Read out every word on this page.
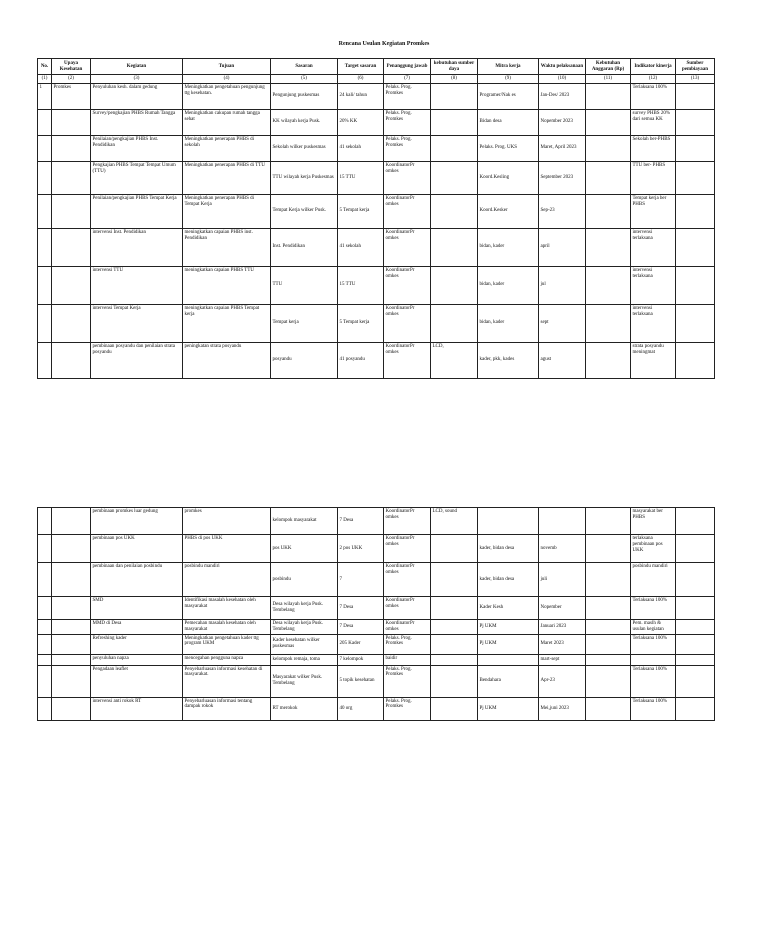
Rencana Usulan Kegiatan Promkes
No.	Upaya Kesehatan	Kegiatan	Tujuan	Sasaran	Target sasaran	Penanggung jawab	kebutuhan sumber daya	Mitra kerja	Waktu pelaksanaan	Kebutuhan Anggaran (Rp)	Indikator kinerja	Sumber pembiayaan
(1)	(2)	(3)	(4)	(5)	(6)	(7)	(8)	(9)	(10)	(11)	(12)	(13)
1	Promkes	Penyuluhan kesh. dalam gedung	Meningkatkan pengetahuan pengunjung ttg kesehatan.	Pengunjung puskesmas	24 kali/ tahun	Pelaks. Prog. Promkes		Programer/Nak es	Jan-Des/ 2023		Terlaksana 100%	
		Survey/pengkajian PHBS Rumah Tangga	Meningkatkan cakupan rumah tangga sehat	KK wilayah kerja Pusk.	20% KK	Pelaks. Prog. Promkes		Bidan desa	Nopember 2023		survey PHBS 20% dari semua KK	
		Penilaian/pengkajian PHBS Inst. Pendidikan	Meningkatkan penerapan PHBS di sekolah	Sekolah wilker puskesmas	41 sekolah	Pelaks. Prog. Promkes		Pelaks. Prog. UKS	Maret, April 2023		Sekolah ber-PHBS	
		Pengkajian PHBS Tempat Tempat Umum (TTU)	Meningkatkan penerapan PHBS di TTU	TTU wilayah kerja Puskesmas	15 TTU	KoordinatorPr omkes		Koord.Kesling	September 2023		TTU ber- PHBS	
		Penilaian/pengkajian PHBS Tempat Kerja	Meningkatkan penerapan PHBS di Tempat Kerja	Tempat Kerja wilker Pusk.	5 Tempat kerja	KoordinatorPr omkes		Koord.Kesker	Sep-23		Tempat kerja ber PHBS	
		intervensi Inst. Pendidikan	meningkatkan capaian PHBS inst. Pendidikan	Inst. Pendidikan	41 sekolah	KoordinatorPr omkes		bidan, kader	april		intervensi terlaksana	
		intervensi TTU	meningkatkan capaian PHBS TTU	TTU	15 TTU	KoordinatorPr omkes		bidan, kader	jul		intervensi terlaksana	
		intervensi Tempat Kerja	meningkatkan capaian PHBS Tempat kerja	Tempat kerja	5 Tempat kerja	KoordinatorPr omkes		bidan, kader	sept		intervensi terlaksana	
		pembinaan posyandu dan penilaian strata posyandu	peningkatan strata posyandu	posyandu	41 posyandu	KoordinatorPr omkes	LCD,	kader, pkk, kades	agust		strata posyandu meningmat	
		pembinaan promkes luar gedung	promkes	kelompok masyarakat	7 Desa	KoordinatorPr omkes	LCD, sound				masyarakat ber PHBS	
		pembinaan pos UKK	PHBS di pos UKK	pos UKK	2 pos UKK	KoordinatorPr omkes		kader, bidan desa	novemb		terlaksana pembinaan pos UKK	
		pembinaan dan penilaian posbindu	posbindu mandiri	posbindu	7	KoordinatorPr omkes		kader, bidan desa	juli		posbindu mandiri	
		SMD	Identifikasi masalah kesehatan oleh masyarakat	Desa wilayah kerja Pusk. Tembelang	7 Desa	KoordinatorPr omkes		Kader Kesh	Nopember		Terlaksana 100%	
		MMD di Desa	Pemecahan masalah kesehatan oleh masyarakat	Desa wilayah kerja Pusk. Tembelang	7 Desa	KoordinatorPr omkes		Pj UKM	Januari 2023		Pem. maslh & usulan kegiatan	
		Refreshing kader	Meningkatkan pengetahuan kader ttg program UKM	Kader kesehatan wilker puskesmas	205 Kader	Pelaks. Prog. Promkes		Pj UKM	Maret 2023		Terlaksana 100%	
		penyuluhan napza	mencegahan pengguna napza	kelompok remaja, toma	7 kelompok	baidir			mart-sept			
		Pengadaan leaflet	Penyebarluasan informasi kesehatan di masyarakat.	Masyarakat wilker Pusk. Tembelang	5 topik kesehatan	Pelaks. Prog. Promkes		Bendahara	Apr-23		Terlaksana 100%	
		intervensi anti rokok RT	Penyebarluasan informasi tentang dampak rokok	RT merokok	40 org	Pelaks. Prog. Promkes		Pj UKM	Mei,juni 2023		Terlaksana 100%	
